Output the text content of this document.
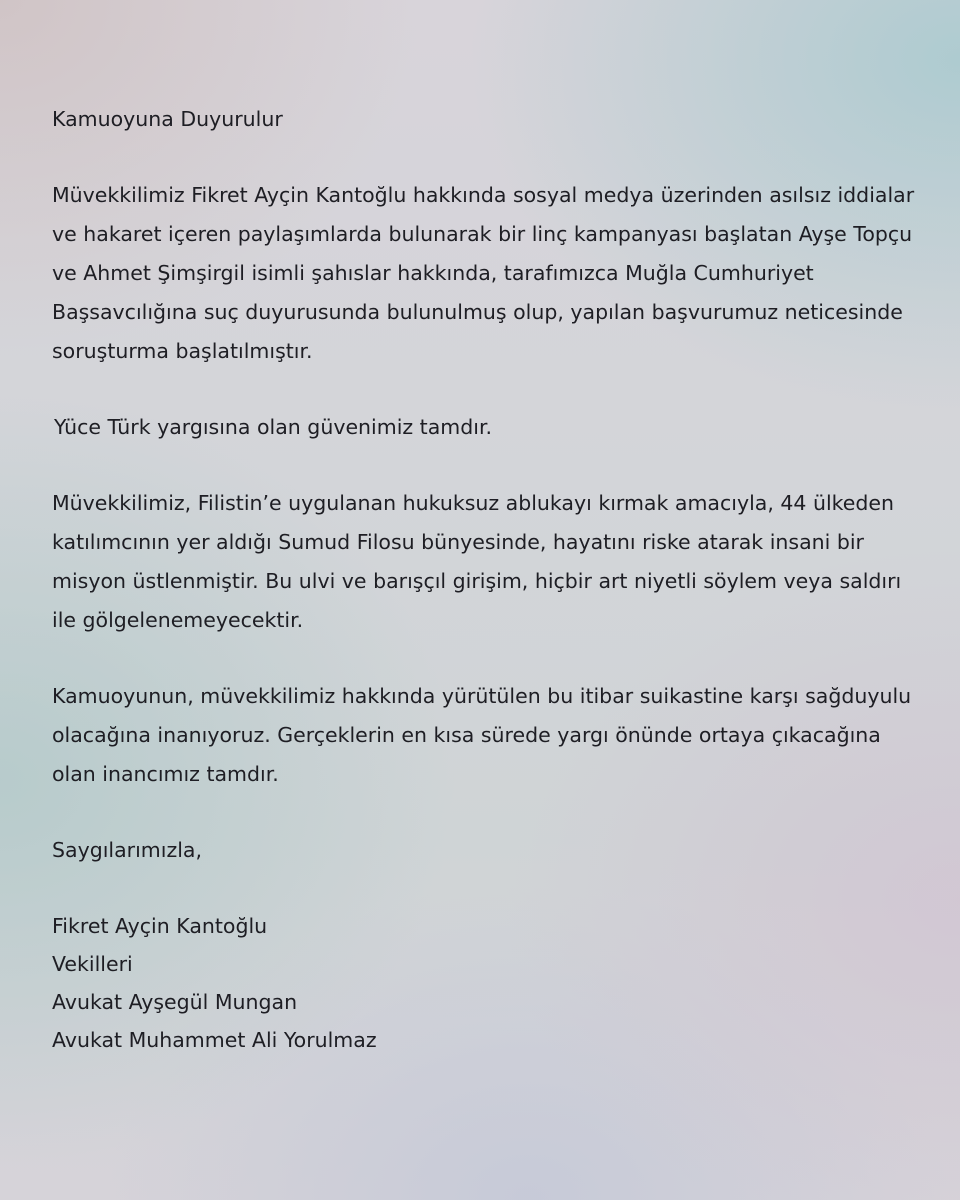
Kamuoyuna Duyurulur

Müvekkilimiz Fikret Ayçin Kantoğlu hakkında sosyal medya üzerinden asılsız iddialar ve hakaret içeren paylaşımlarda bulunarak bir linç kampanyası başlatan Ayşe Topçu ve Ahmet Şimşirgil isimli şahıslar hakkında, tarafımızca Muğla Cumhuriyet Başsavcılığına suç duyurusunda bulunulmuş olup, yapılan başvurumuz neticesinde soruşturma başlatılmıştır.

Yüce Türk yargısına olan güvenimiz tamdır.

Müvekkilimiz, Filistin’e uygulanan hukuksuz ablukayı kırmak amacıyla, 44 ülkeden katılımcının yer aldığı Sumud Filosu bünyesinde, hayatını riske atarak insani bir misyon üstlenmiştir. Bu ulvi ve barışçıl girişim, hiçbir art niyetli söylem veya saldırı ile gölgelenemeyecektir.

Kamuoyunun, müvekkilimiz hakkında yürütülen bu itibar suikastine karşı sağduyulu olacağına inanıyoruz. Gerçeklerin en kısa sürede yargı önünde ortaya çıkacağına olan inancımız tamdır.

Saygılarımızla,

Fikret Ayçin Kantoğlu
Vekilleri
Avukat Ayşegül Mungan
Avukat Muhammet Ali Yorulmaz
